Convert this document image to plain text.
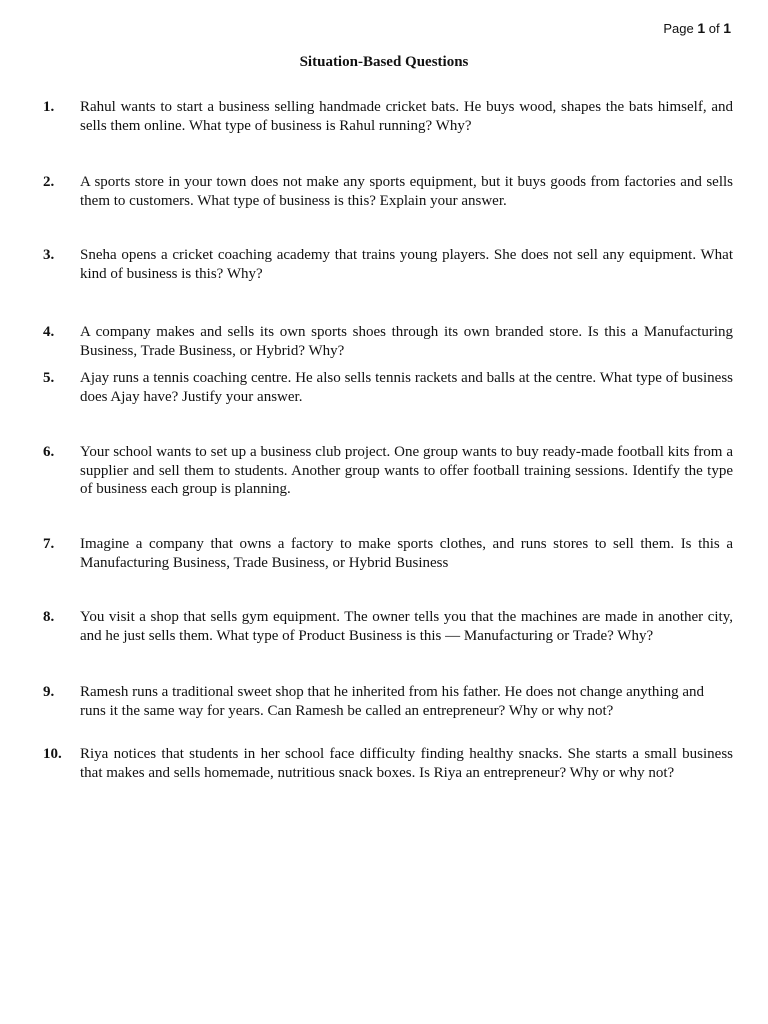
Page 1 of 1
Situation-Based Questions
1. Rahul wants to start a business selling handmade cricket bats. He buys wood, shapes the bats himself, and sells them online. What type of business is Rahul running? Why?
2. A sports store in your town does not make any sports equipment, but it buys goods from factories and sells them to customers. What type of business is this? Explain your answer.
3. Sneha opens a cricket coaching academy that trains young players. She does not sell any equipment. What kind of business is this? Why?
4. A company makes and sells its own sports shoes through its own branded store. Is this a Manufacturing Business, Trade Business, or Hybrid? Why?
5. Ajay runs a tennis coaching centre. He also sells tennis rackets and balls at the centre. What type of business does Ajay have? Justify your answer.
6. Your school wants to set up a business club project. One group wants to buy ready-made football kits from a supplier and sell them to students. Another group wants to offer football training sessions. Identify the type of business each group is planning.
7. Imagine a company that owns a factory to make sports clothes, and runs stores to sell them. Is this a Manufacturing Business, Trade Business, or Hybrid Business
8. You visit a shop that sells gym equipment. The owner tells you that the machines are made in another city, and he just sells them. What type of Product Business is this — Manufacturing or Trade? Why?
9. Ramesh runs a traditional sweet shop that he inherited from his father. He does not change anything and runs it the same way for years. Can Ramesh be called an entrepreneur? Why or why not?
10. Riya notices that students in her school face difficulty finding healthy snacks. She starts a small business that makes and sells homemade, nutritious snack boxes. Is Riya an entrepreneur? Why or why not?
